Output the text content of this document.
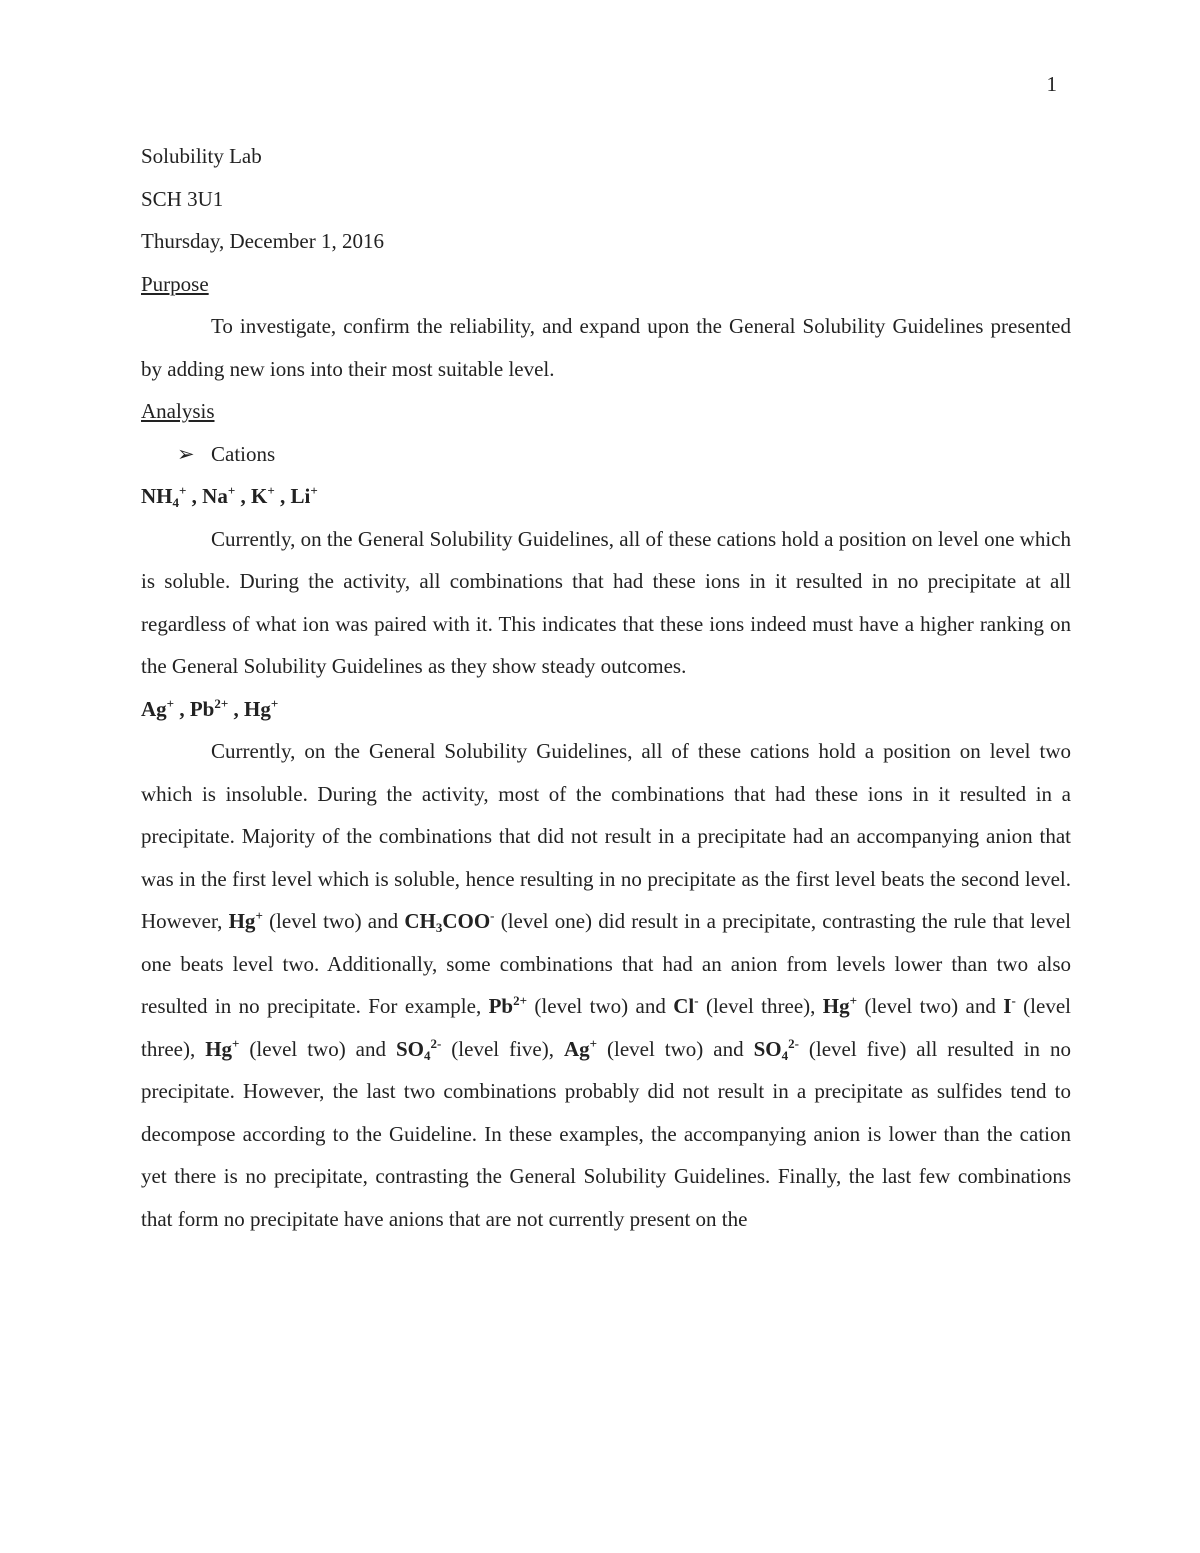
1

Solubility Lab

SCH 3U1

Thursday, December 1, 2016

Purpose

To investigate, confirm the reliability, and expand upon the General Solubility Guidelines presented by adding new ions into their most suitable level.

Analysis

➢ Cations

$NH_4^+$ , Na+ , K+ , Li+

Currently, on the General Solubility Guidelines, all of these cations hold a position on level one which is soluble. During the activity, all combinations that had these ions in it resulted in no precipitate at all regardless of what ion was paired with it. This indicates that these ions indeed must have a higher ranking on the General Solubility Guidelines as they show steady outcomes.

Ag+ , $Pb^{2+}$ , Hg+

Currently, on the General Solubility Guidelines, all of these cations hold a position on level two which is insoluble. During the activity, most of the combinations that had these ions in it resulted in a precipitate. Majority of the combinations that did not result in a precipitate had an accompanying anion that was in the first level which is soluble, hence resulting in no precipitate as the first level beats the second level. However, Hg+ (level two) and $CH_3COO^-$ (level one) did result in a precipitate, contrasting the rule that level one beats level two. Additionally, some combinations that had an anion from levels lower than two also resulted in no precipitate. For example, $Pb^{2+}$ (level two) and Cl- (level three), Hg+ (level two) and I- (level three), Hg+ (level two) and $SO_4^{2-}$ (level five), Ag+ (level two) and $SO_4^{2-}$ (level five) all resulted in no precipitate. However, the last two combinations probably did not result in a precipitate as sulfides tend to decompose according to the Guideline. In these examples, the accompanying anion is lower than the cation yet there is no precipitate, contrasting the General Solubility Guidelines. Finally, the last few combinations that form no precipitate have anions that are not currently present on the
